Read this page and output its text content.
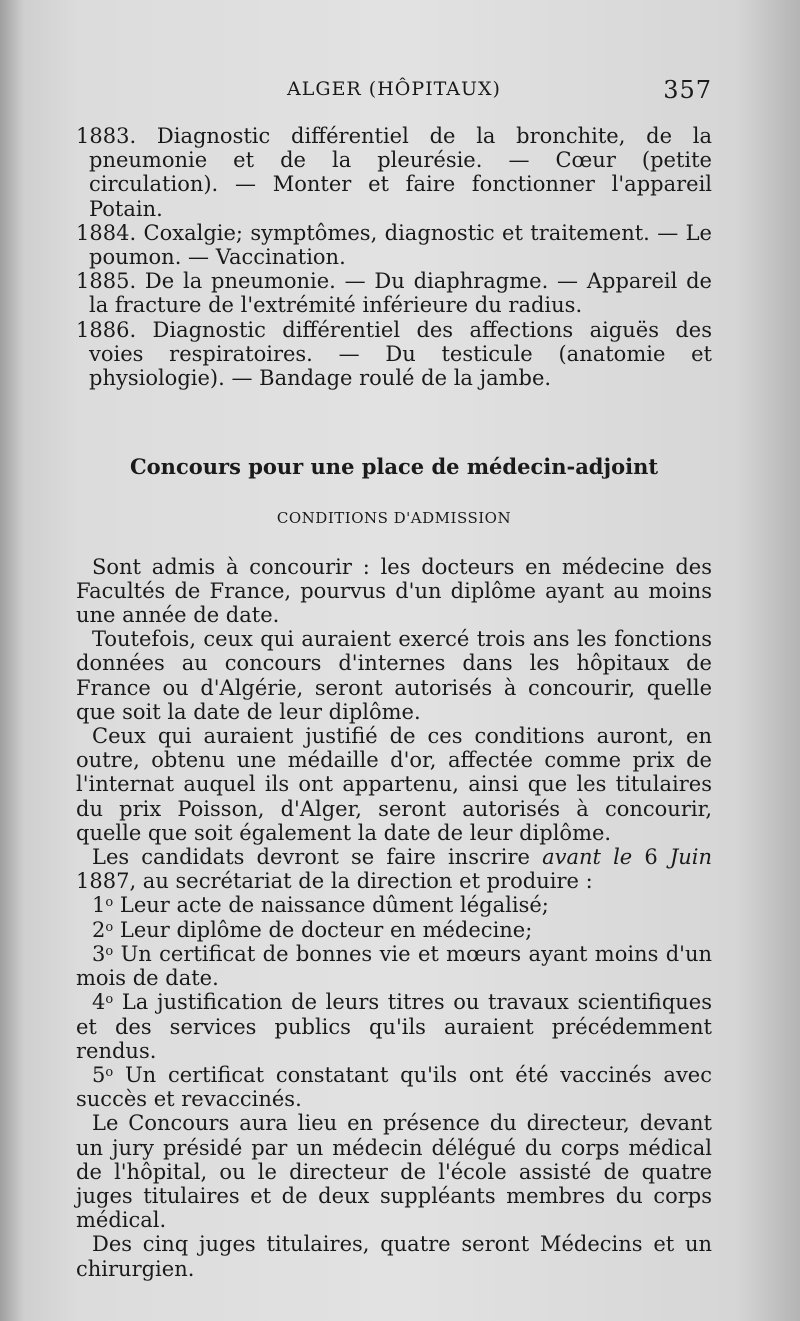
ALGER (HÔPITAUX)	357

1883. Diagnostic différentiel de la bronchite, de la pneumonie et de la pleurésie. — Cœur (petite circulation). — Monter et faire fonctionner l'appareil Potain.

1884. Coxalgie; symptômes, diagnostic et traitement. — Le poumon. — Vaccination.

1885. De la pneumonie. — Du diaphragme. — Appareil de la fracture de l'extrémité inférieure du radius.

1886. Diagnostic différentiel des affections aiguës des voies respiratoires. — Du testicule (anatomie et physiologie). — Bandage roulé de la jambe.

Concours pour une place de médecin-adjoint
CONDITIONS D'ADMISSION

Sont admis à concourir : les docteurs en médecine des Facultés de France, pourvus d'un diplôme ayant au moins une année de date.

Toutefois, ceux qui auraient exercé trois ans les fonctions données au concours d'internes dans les hôpitaux de France ou d'Algérie, seront autorisés à concourir, quelle que soit la date de leur diplôme.

Ceux qui auraient justifié de ces conditions auront, en outre, obtenu une médaille d'or, affectée comme prix de l'internat auquel ils ont appartenu, ainsi que les titulaires du prix Poisson, d'Alger, seront autorisés à concourir, quelle que soit également la date de leur diplôme.

Les candidats devront se faire inscrire avant le 6 Juin 1887, au secrétariat de la direction et produire :

1$^o$ Leur acte de naissance dûment légalisé;

2$^o$ Leur diplôme de docteur en médecine;

3$^o$ Un certificat de bonnes vie et mœurs ayant moins d'un mois de date.

4$^o$ La justification de leurs titres ou travaux scientifiques et des services publics qu'ils auraient précédemment rendus.

5$^o$ Un certificat constatant qu'ils ont été vaccinés avec succès et revaccinés.

Le Concours aura lieu en présence du directeur, devant un jury présidé par un médecin délégué du corps médical de l'hôpital, ou le directeur de l'école assisté de quatre juges titulaires et de deux suppléants membres du corps médical.

Des cinq juges titulaires, quatre seront Médecins et un chirurgien.
